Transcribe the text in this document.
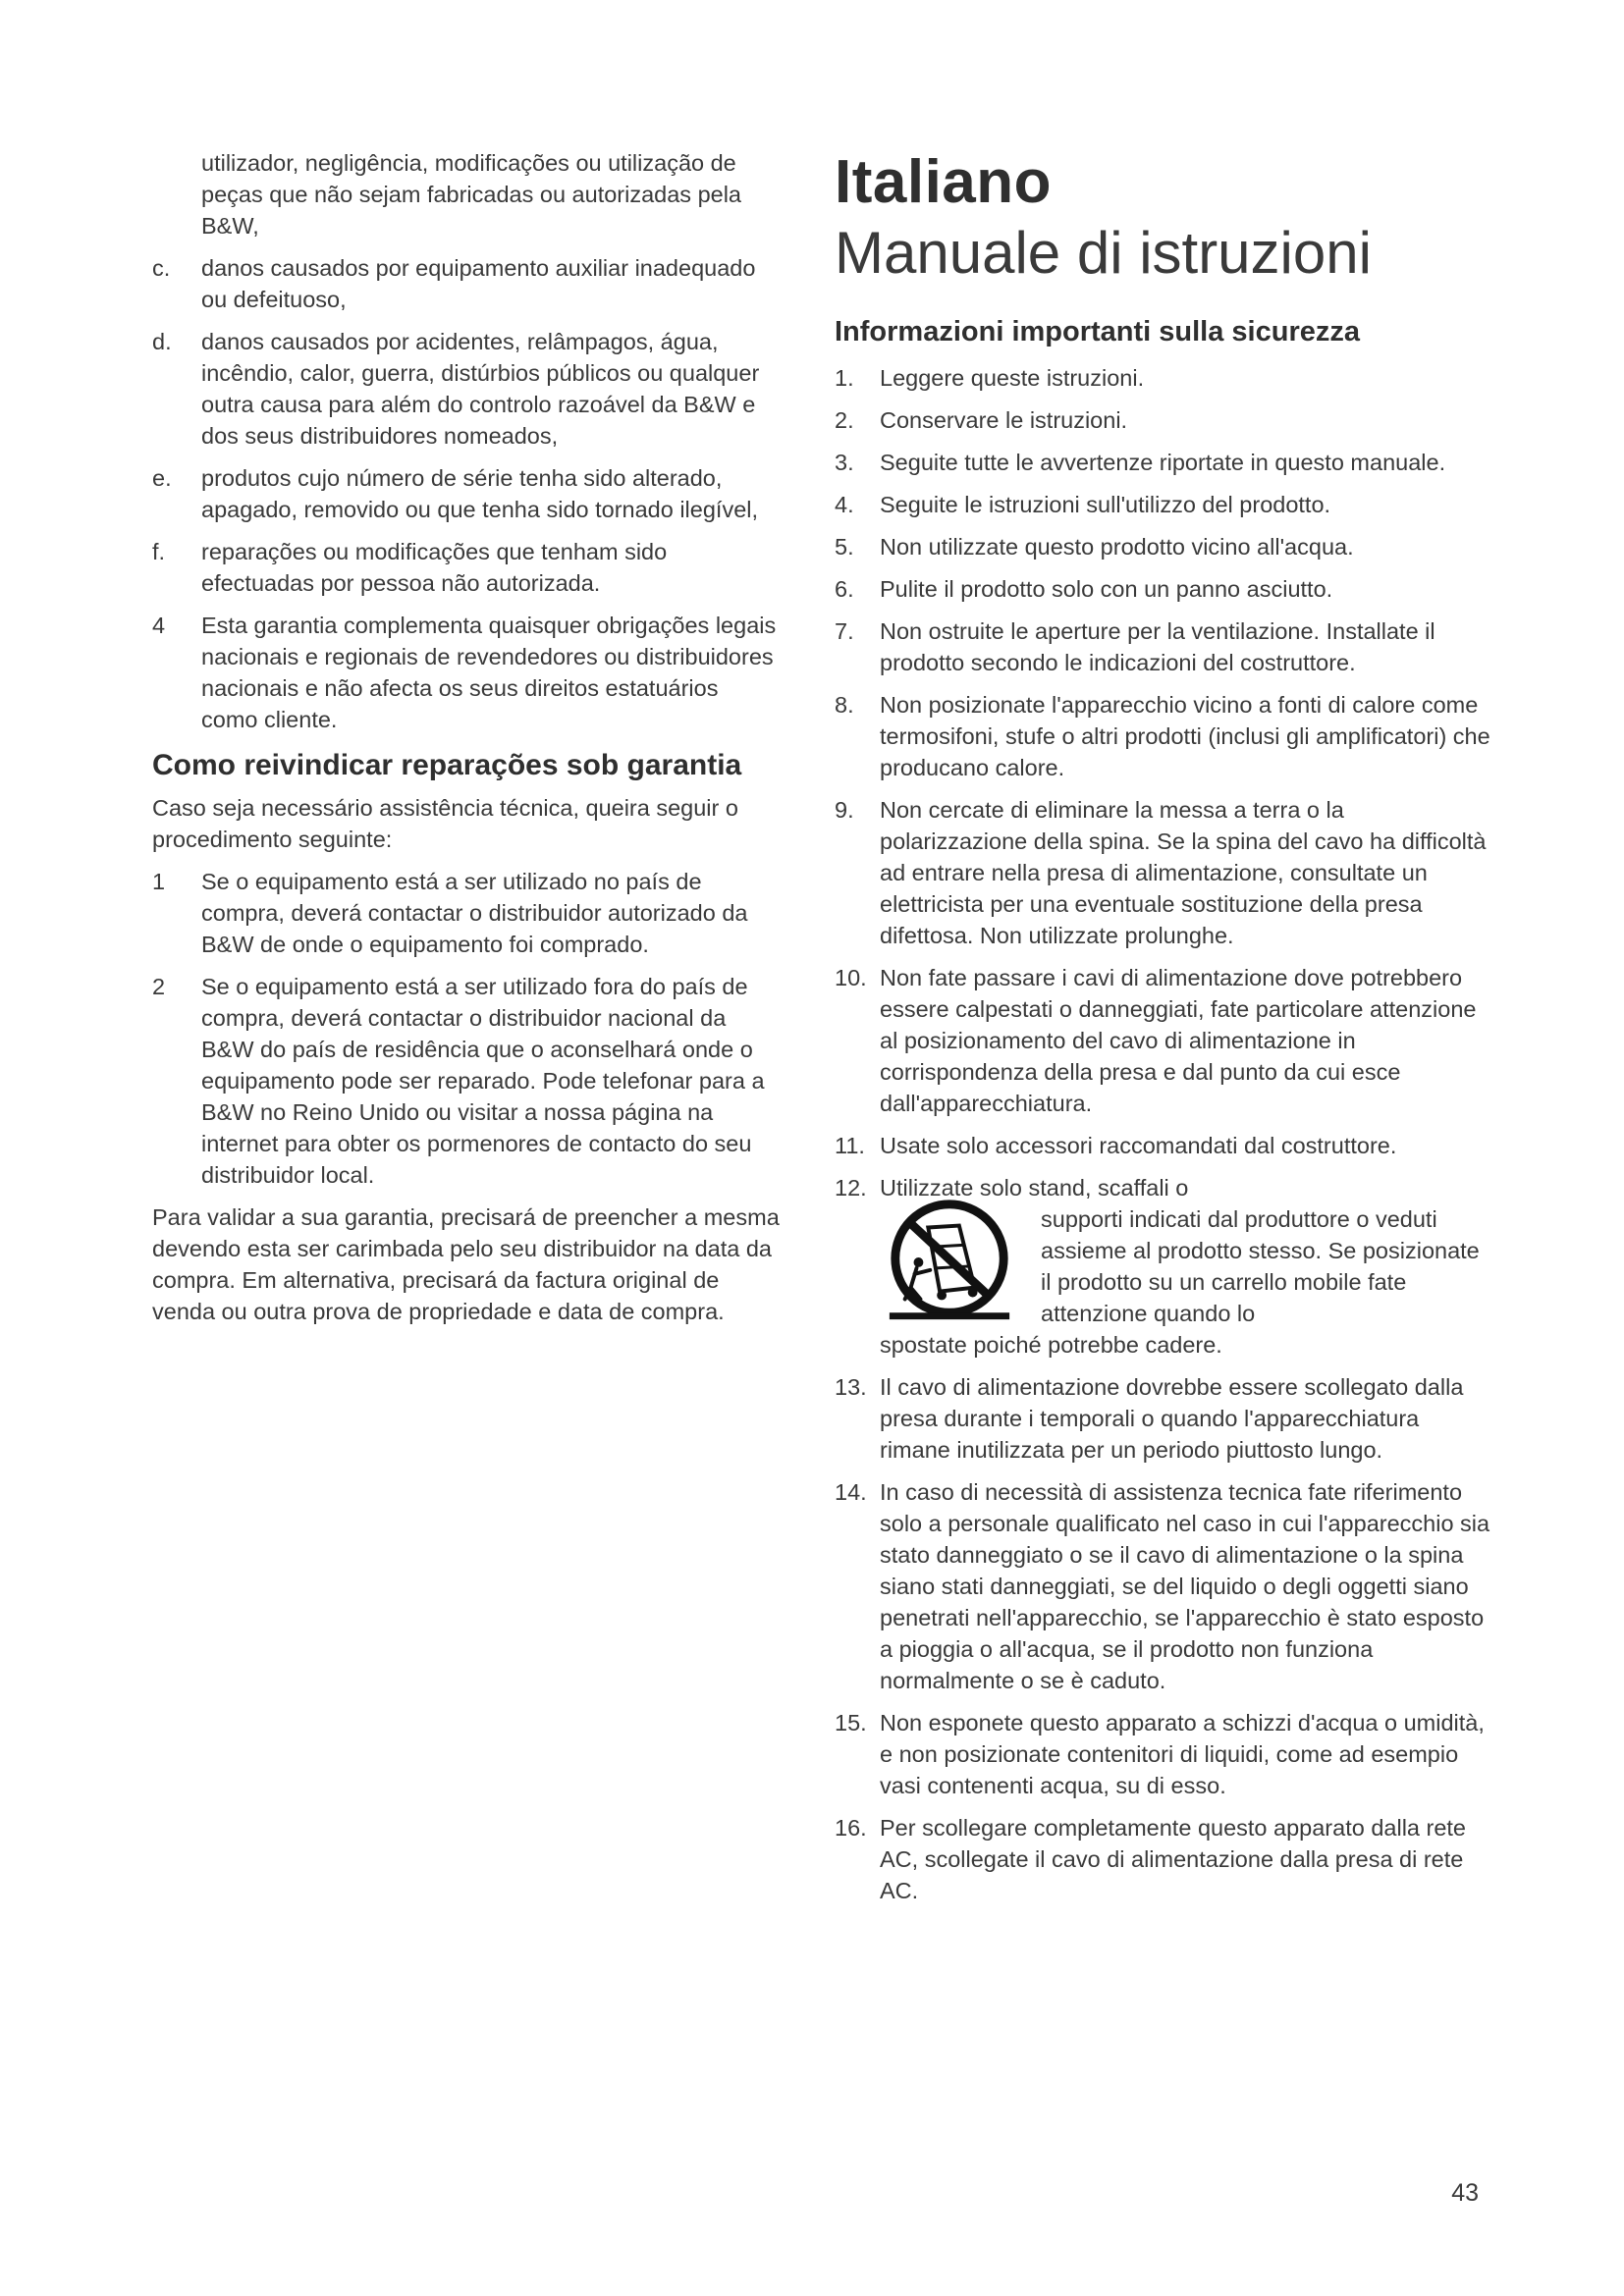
utilizador, negligência, modificações ou utilização de peças que não sejam fabricadas ou autorizadas pela B&W,
c. danos causados por equipamento auxiliar inadequado ou defeituoso,
d. danos causados por acidentes, relâmpagos, água, incêndio, calor, guerra, distúrbios públicos ou qualquer outra causa para além do controlo razoável da B&W e dos seus distribuidores nomeados,
e. produtos cujo número de série tenha sido alterado, apagado, removido ou que tenha sido tornado ilegível,
f. reparações ou modificações que tenham sido efectuadas por pessoa não autorizada.
4 Esta garantia complementa quaisquer obrigações legais nacionais e regionais de revendedores ou distribuidores nacionais e não afecta os seus direitos estatuários como cliente.
Como reivindicar reparações sob garantia

Caso seja necessário assistência técnica, queira seguir o procedimento seguinte:

1 Se o equipamento está a ser utilizado no país de compra, deverá contactar o distribuidor autorizado da B&W de onde o equipamento foi comprado.
2 Se o equipamento está a ser utilizado fora do país de compra, deverá contactar o distribuidor nacional da B&W do país de residência que o aconselhará onde o equipamento pode ser reparado. Pode telefonar para a B&W no Reino Unido ou visitar a nossa página na internet para obter os pormenores de contacto do seu distribuidor local.

Para validar a sua garantia, precisará de preencher a mesma devendo esta ser carimbada pelo seu distribuidor na data da compra. Em alternativa, precisará da factura original de venda ou outra prova de propriedade e data de compra.

Italiano
Manuale di istruzioni
Informazioni importanti sulla sicurezza
1. Leggere queste istruzioni.
2. Conservare le istruzioni.
3. Seguite tutte le avvertenze riportate in questo manuale.
4. Seguite le istruzioni sull'utilizzo del prodotto.
5. Non utilizzate questo prodotto vicino all'acqua.
6. Pulite il prodotto solo con un panno asciutto.
7. Non ostruite le aperture per la ventilazione. Installate il prodotto secondo le indicazioni del costruttore.
8. Non posizionate l'apparecchio vicino a fonti di calore come termosifoni, stufe o altri prodotti (inclusi gli amplificatori) che producano calore.
9. Non cercate di eliminare la messa a terra o la polarizzazione della spina. Se la spina del cavo ha difficoltà ad entrare nella presa di alimentazione, consultate un elettricista per una eventuale sostituzione della presa difettosa. Non utilizzate prolunghe.
10. Non fate passare i cavi di alimentazione dove potrebbero essere calpestati o danneggiati, fate particolare attenzione al posizionamento del cavo di alimentazione in corrispondenza della presa e dal punto da cui esce dall'apparecchiatura.
11. Usate solo accessori raccomandati dal costruttore.
12. Utilizzate solo stand, scaffali o
supporti indicati dal produttore o veduti assieme al prodotto stesso. Se posizionate il prodotto su un carrello mobile fate attenzione quando lo
spostate poiché potrebbe cadere.
13. Il cavo di alimentazione dovrebbe essere scollegato dalla presa durante i temporali o quando l'apparecchiatura rimane inutilizzata per un periodo piuttosto lungo.
14. In caso di necessità di assistenza tecnica fate riferimento solo a personale qualificato nel caso in cui l'apparecchio sia stato danneggiato o se il cavo di alimentazione o la spina siano stati danneggiati, se del liquido o degli oggetti siano penetrati nell'apparecchio, se l'apparecchio è stato esposto a pioggia o all'acqua, se il prodotto non funziona normalmente o se è caduto.
15. Non esponete questo apparato a schizzi d'acqua o umidità, e non posizionate contenitori di liquidi, come ad esempio vasi contenenti acqua, su di esso.
16. Per scollegare completamente questo apparato dalla rete AC, scollegate il cavo di alimentazione dalla presa di rete AC.
43
